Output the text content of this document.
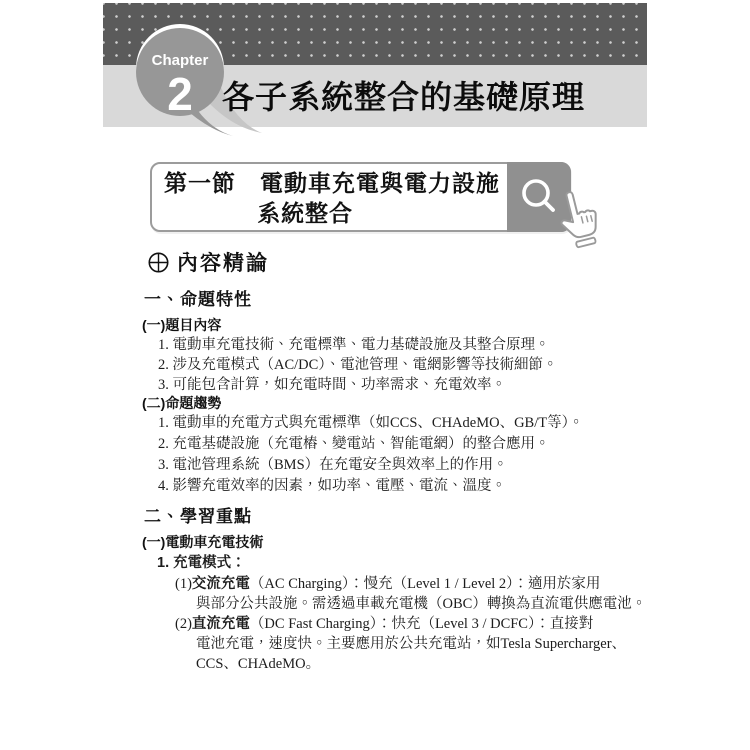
Chapter
2 各子系統整合的基礎原理
第一節　電動車充電與電力設施
系統整合
內容精論
一、命題特性
(一)題目內容
1. 電動車充電技術、充電標準、電力基礎設施及其整合原理。
2. 涉及充電模式（AC/DC）、電池管理、電網影響等技術細節。
3. 可能包含計算，如充電時間、功率需求、充電效率。
(二)命題趨勢
1. 電動車的充電方式與充電標準（如CCS、CHAdeMO、GB/T等）。
2. 充電基礎設施（充電樁、變電站、智能電網）的整合應用。
3. 電池管理系統（BMS）在充電安全與效率上的作用。
4. 影響充電效率的因素，如功率、電壓、電流、溫度。
二、學習重點
(一)電動車充電技術
1. 充電模式：
(1)交流充電（AC Charging）：慢充（Level 1 / Level 2）：適用於家用
與部分公共設施。需透過車載充電機（OBC）轉換為直流電供應電池。
(2)直流充電（DC Fast Charging）：快充（Level 3 / DCFC）：直接對
電池充電，速度快。主要應用於公共充電站，如Tesla Supercharger、
CCS、CHAdeMO。
